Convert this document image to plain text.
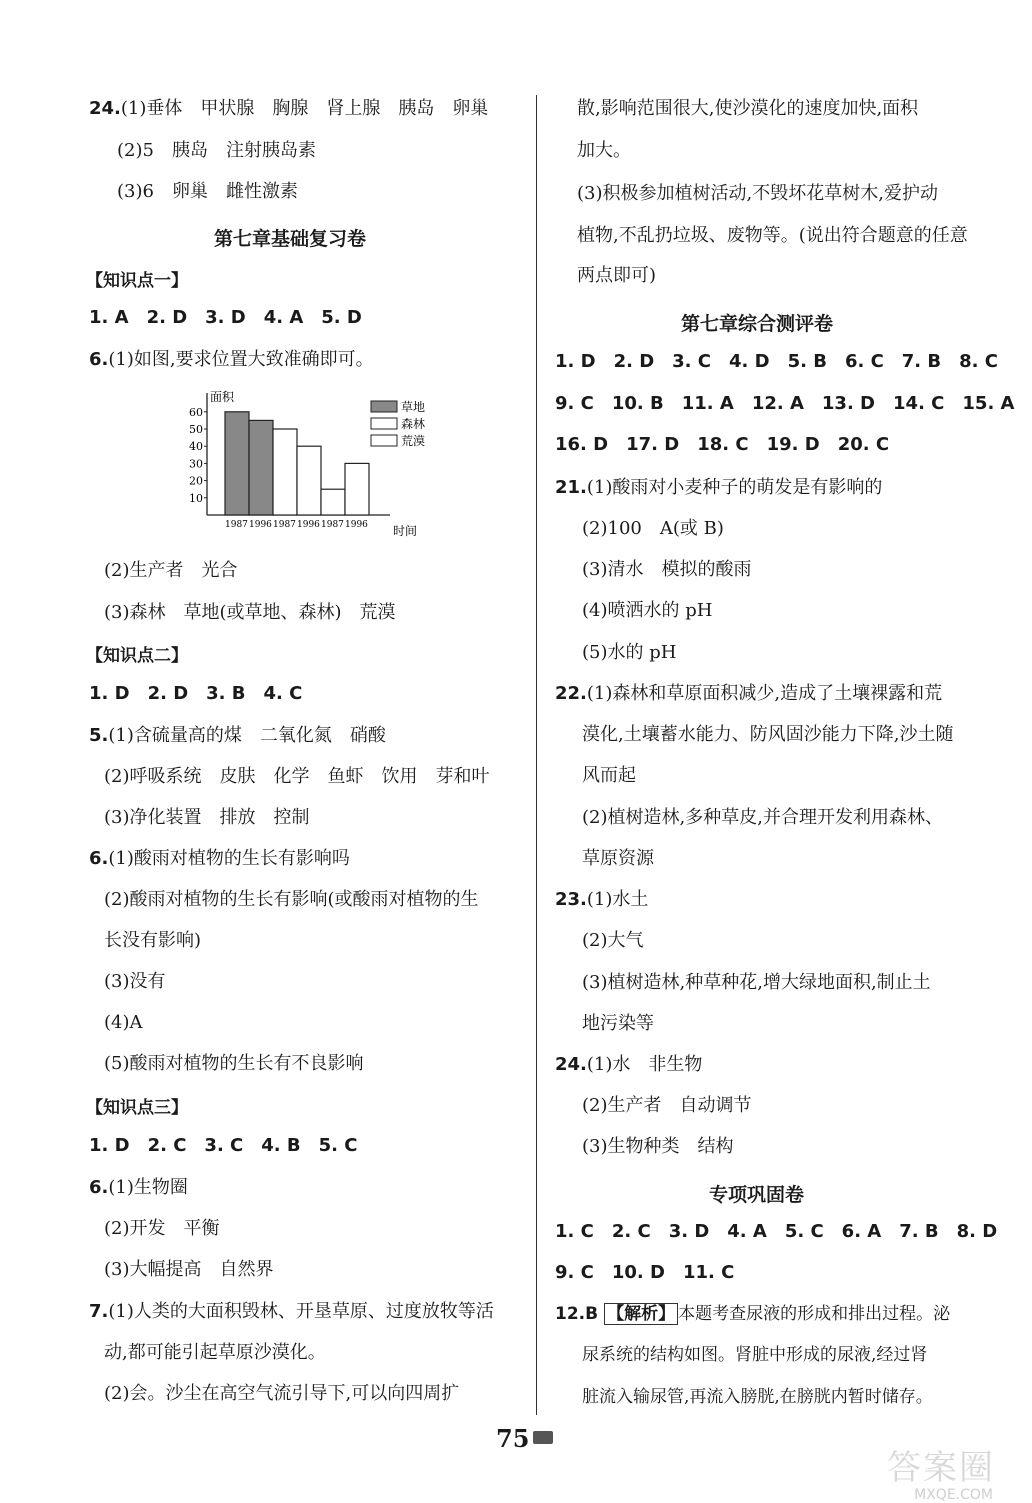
24.(1)垂体　甲状腺　胸腺　肾上腺　胰岛　卵巢
(2)5　胰岛　注射胰岛素
(3)6　卵巢　雌性激素
第七章基础复习卷
【知识点一】
1. A 2. D 3. D 4. A 5. D
6.(1)如图,要求位置大致准确即可。
面积
时间
10
20
30
40
50
60
1987 1996 1987 1996 1987 1996
草地
森林
荒漠
(2)生产者　光合
(3)森林　草地(或草地、森林)　荒漠
【知识点二】
1. D 2. D 3. B 4. C
5.(1)含硫量高的煤　二氧化氮　硝酸
(2)呼吸系统　皮肤　化学　鱼虾　饮用　芽和叶
(3)净化装置　排放　控制
6.(1)酸雨对植物的生长有影响吗
(2)酸雨对植物的生长有影响(或酸雨对植物的生
长没有影响)
(3)没有
(4)A
(5)酸雨对植物的生长有不良影响
【知识点三】
1. D 2. C 3. C 4. B 5. C
6.(1)生物圈
(2)开发　平衡
(3)大幅提高　自然界
7.(1)人类的大面积毁林、开垦草原、过度放牧等活
动,都可能引起草原沙漠化。
(2)会。沙尘在高空气流引导下,可以向四周扩
散,影响范围很大,使沙漠化的速度加快,面积
加大。
(3)积极参加植树活动,不毁坏花草树木,爱护动
植物,不乱扔垃圾、废物等。(说出符合题意的任意
两点即可)
第七章综合测评卷
1. D 2. D 3. C 4. D 5. B 6. C 7. B 8. C
9. C 10. B 11. A 12. A 13. D 14. C 15. A
16. D 17. D 18. C 19. D 20. C
21.(1)酸雨对小麦种子的萌发是有影响的
(2)100　A(或 B)
(3)清水　模拟的酸雨
(4)喷洒水的 pH
(5)水的 pH
22.(1)森林和草原面积减少,造成了土壤裸露和荒
漠化,土壤蓄水能力、防风固沙能力下降,沙土随
风而起
(2)植树造林,多种草皮,并合理开发利用森林、
草原资源
23.(1)水土
(2)大气
(3)植树造林,种草种花,增大绿地面积,制止土
地污染等
24.(1)水　非生物
(2)生产者　自动调节
(3)生物种类　结构
专项巩固卷
1. C 2. C 3. D 4. A 5. C 6. A 7. B 8. D
9. C 10. D 11. C
12.B 【解析】 本题考查尿液的形成和排出过程。泌
尿系统的结构如图。肾脏中形成的尿液,经过肾
脏流入输尿管,再流入膀胱,在膀胱内暂时储存。
75
答案圈
MXQE.COM
